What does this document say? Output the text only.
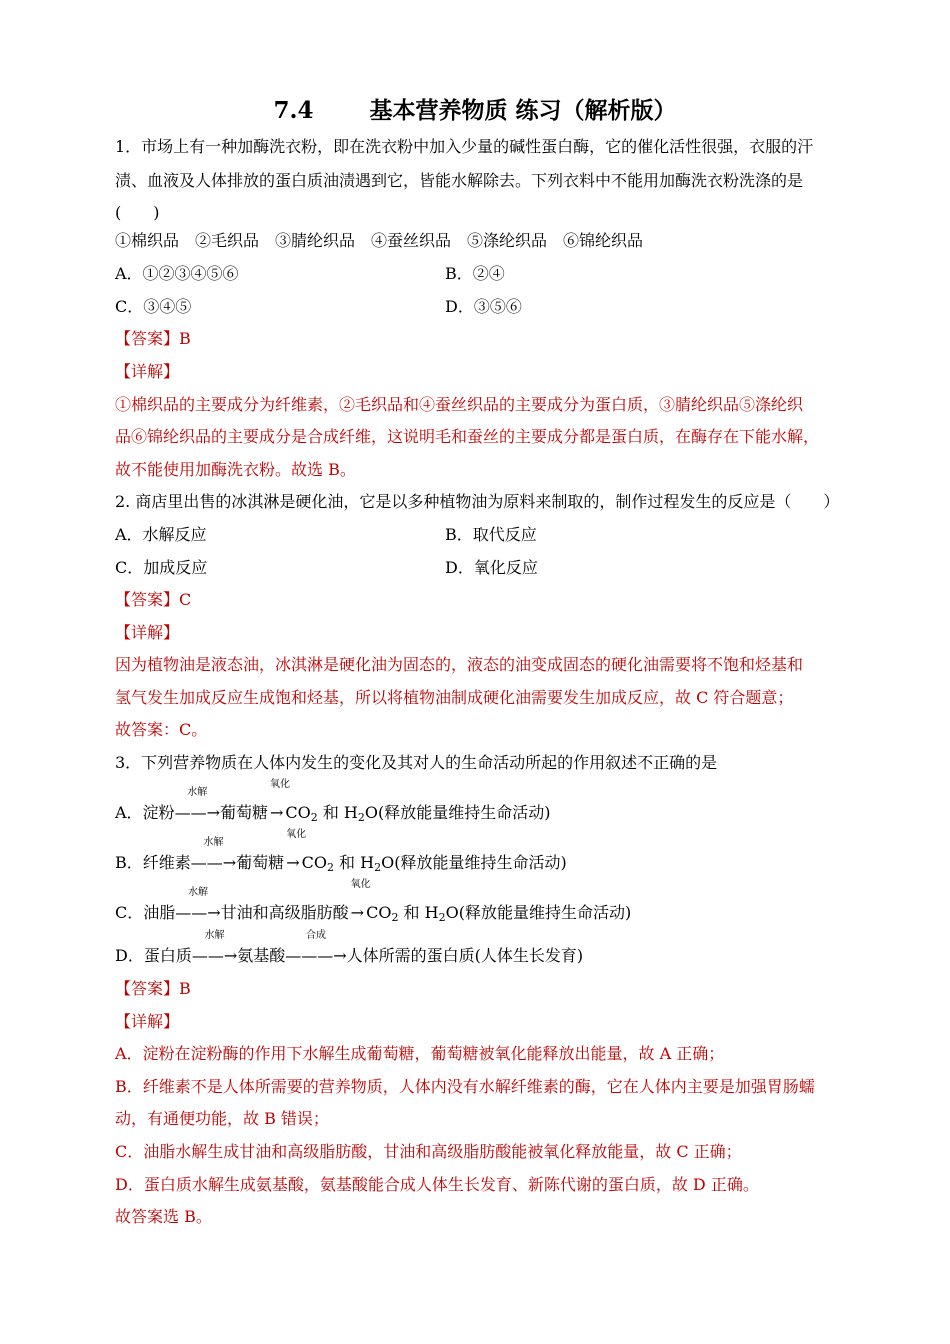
7.4 基本营养物质 练习（解析版）
1．市场上有一种加酶洗衣粉，即在洗衣粉中加入少量的碱性蛋白酶，它的催化活性很强，衣服的汗
渍、血液及人体排放的蛋白质油渍遇到它，皆能水解除去。下列衣料中不能用加酶洗衣粉洗涤的是
(　　)
①棉织品　②毛织品　③腈纶织品　④蚕丝织品　⑤涤纶织品　⑥锦纶织品
A．①②③④⑤⑥	B．②④
C．③④⑤	D．③⑤⑥
【答案】B
【详解】
①棉织品的主要成分为纤维素，②毛织品和④蚕丝织品的主要成分为蛋白质，③腈纶织品⑤涤纶织
品⑥锦纶织品的主要成分是合成纤维，这说明毛和蚕丝的主要成分都是蛋白质，在酶存在下能水解，
故不能使用加酶洗衣粉。故选 B。
2. 商店里出售的冰淇淋是硬化油，它是以多种植物油为原料来制取的，制作过程发生的反应是（　　）
A．水解反应	B．取代反应
C．加成反应	D．氧化反应
【答案】C
【详解】
因为植物油是液态油，冰淇淋是硬化油为固态的，液态的油变成固态的硬化油需要将不饱和烃基和
氢气发生加成反应生成饱和烃基，所以将植物油制成硬化油需要发生加成反应，故 C 符合题意；
故答案：C。
3．下列营养物质在人体内发生的变化及其对人的生命活动所起的作用叙述不正确的是
A．淀粉
水解
——→葡萄糖
氧化
→ $CO_2$ 和 $H_2O$(释放能量维持生命活动)
B．纤维素
水解
——→葡萄糖
氧化
→ $CO_2$ 和 $H_2O$(释放能量维持生命活动)
C．油脂
水解
——→甘油和高级脂肪酸
氧化
→ $CO_2$ 和 $H_2O$(释放能量维持生命活动)
D．蛋白质
水解
——→氨基酸
合成
———→人体所需的蛋白质(人体生长发育)
【答案】B
【详解】
A．淀粉在淀粉酶的作用下水解生成葡萄糖，葡萄糖被氧化能释放出能量，故 A 正确；
B．纤维素不是人体所需要的营养物质，人体内没有水解纤维素的酶，它在人体内主要是加强胃肠蠕
动，有通便功能，故 B 错误；
C．油脂水解生成甘油和高级脂肪酸，甘油和高级脂肪酸能被氧化释放能量，故 C 正确；
D．蛋白质水解生成氨基酸，氨基酸能合成人体生长发育、新陈代谢的蛋白质，故 D 正确。
故答案选 B。
